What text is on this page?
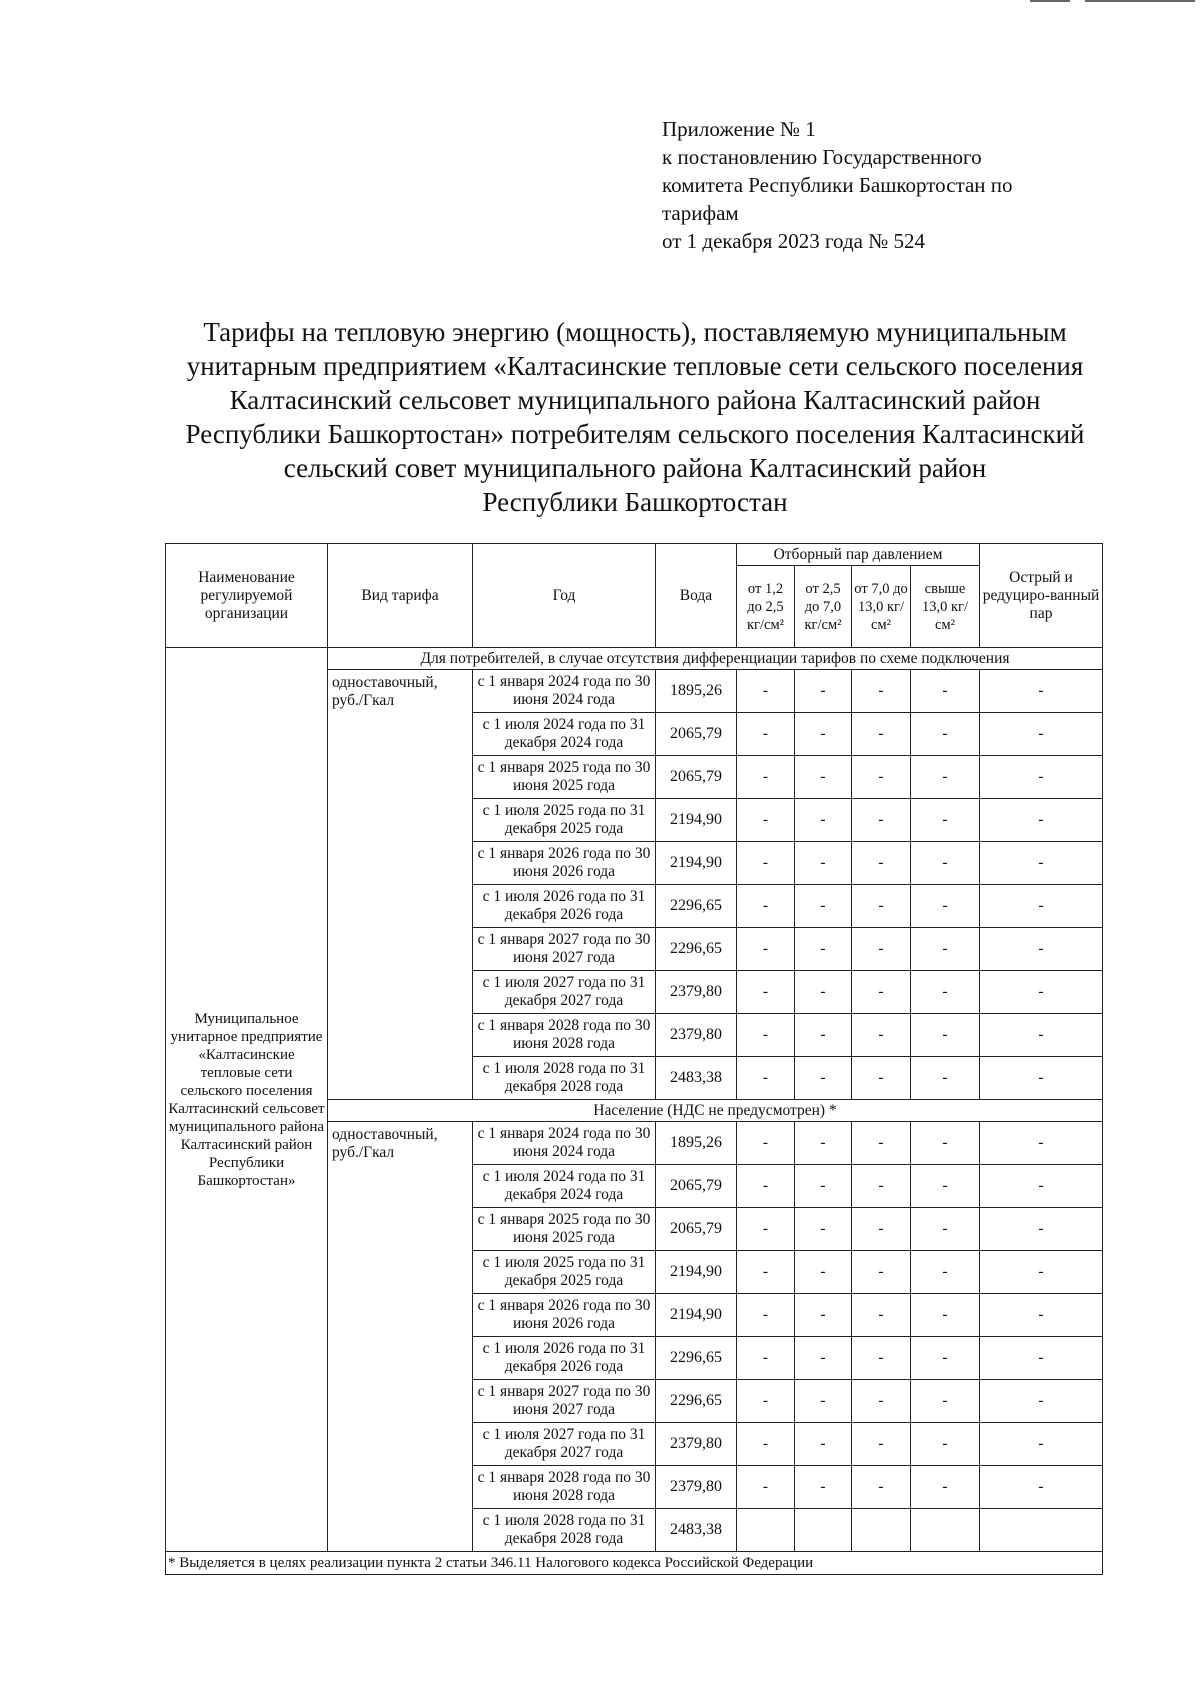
Приложение № 1
к постановлению Государственного
комитета Республики Башкортостан по
тарифам
от 1 декабря 2023 года № 524
Тарифы на тепловую энергию (мощность), поставляемую муниципальным
унитарным предприятием «Калтасинские тепловые сети сельского поселения
Калтасинский сельсовет муниципального района Калтасинский район
Республики Башкортостан» потребителям сельского поселения Калтасинский
сельский совет муниципального района Калтасинский район
Республики Башкортостан
Наименование регулируемой организации	Вид тарифа	Год	Вода	Отборный пар давлением				Острый и редуциро-ванный пар
				от 1,2 до 2,5 кг/см²	от 2,5 до 7,0 кг/см²	от 7,0 до 13,0 кг/см²	свыше 13,0 кг/см²	
Муниципальное унитарное предприятие «Калтасинские тепловые сети сельского поселения Калтасинский сельсовет муниципального района Калтасинский район Республики Башкортостан»	Для потребителей, в случае отсутствия дифференциации тарифов по схеме подключения							
	одноставочный, руб./Гкал	с 1 января 2024 года по 30 июня 2024 года	1895,26	-	-	-	-	-
		с 1 июля 2024 года по 31 декабря 2024 года	2065,79	-	-	-	-	-
		с 1 января 2025 года по 30 июня 2025 года	2065,79	-	-	-	-	-
		с 1 июля 2025 года по 31 декабря 2025 года	2194,90	-	-	-	-	-
		с 1 января 2026 года по 30 июня 2026 года	2194,90	-	-	-	-	-
		с 1 июля 2026 года по 31 декабря 2026 года	2296,65	-	-	-	-	-
		с 1 января 2027 года по 30 июня 2027 года	2296,65	-	-	-	-	-
		с 1 июля 2027 года по 31 декабря 2027 года	2379,80	-	-	-	-	-
		с 1 января 2028 года по 30 июня 2028 года	2379,80	-	-	-	-	-
		с 1 июля 2028 года по 31 декабря 2028 года	2483,38	-	-	-	-	-
	Население (НДС не предусмотрен) *							
	одноставочный, руб./Гкал	с 1 января 2024 года по 30 июня 2024 года	1895,26	-	-	-	-	-
		с 1 июля 2024 года по 31 декабря 2024 года	2065,79	-	-	-	-	-
		с 1 января 2025 года по 30 июня 2025 года	2065,79	-	-	-	-	-
		с 1 июля 2025 года по 31 декабря 2025 года	2194,90	-	-	-	-	-
		с 1 января 2026 года по 30 июня 2026 года	2194,90	-	-	-	-	-
		с 1 июля 2026 года по 31 декабря 2026 года	2296,65	-	-	-	-	-
		с 1 января 2027 года по 30 июня 2027 года	2296,65	-	-	-	-	-
		с 1 июля 2027 года по 31 декабря 2027 года	2379,80	-	-	-	-	-
		с 1 января 2028 года по 30 июня 2028 года	2379,80	-	-	-	-	-
		с 1 июля 2028 года по 31 декабря 2028 года	2483,38					
* Выделяется в целях реализации пункта 2 статьи 346.11 Налогового кодекса Российской Федерации								
